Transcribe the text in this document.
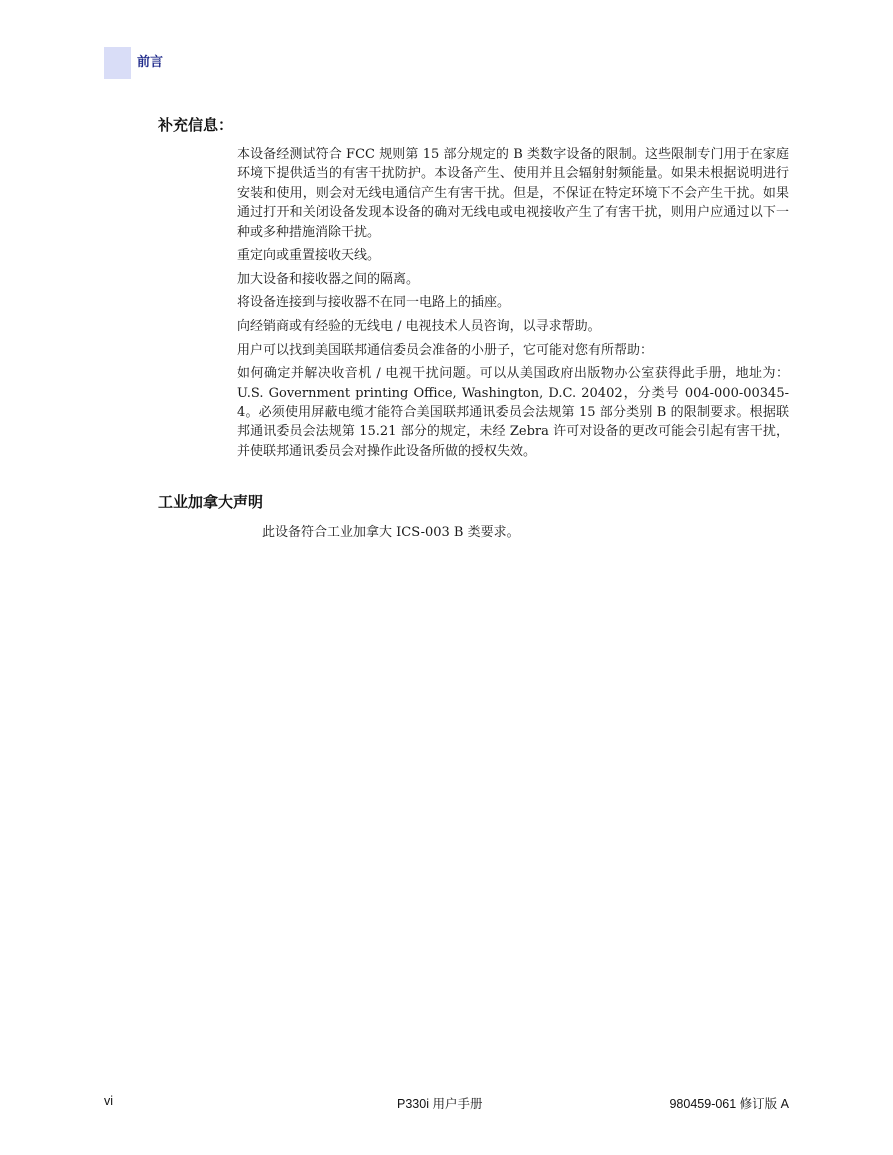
前言
补充信息：

本设备经测试符合 FCC 规则第 15 部分规定的 B 类数字设备的限制。这些限制专门用于在家庭环境下提供适当的有害干扰防护。本设备产生、使用并且会辐射射频能量。如果未根据说明进行安装和使用，则会对无线电通信产生有害干扰。但是，不保证在特定环境下不会产生干扰。如果通过打开和关闭设备发现本设备的确对无线电或电视接收产生了有害干扰，则用户应通过以下一种或多种措施消除干扰。

重定向或重置接收天线。

加大设备和接收器之间的隔离。

将设备连接到与接收器不在同一电路上的插座。

向经销商或有经验的无线电 / 电视技术人员咨询，以寻求帮助。

用户可以找到美国联邦通信委员会准备的小册子，它可能对您有所帮助：

如何确定并解决收音机 / 电视干扰问题。可以从美国政府出版物办公室获得此手册，地址为：U.S. Government printing Office, Washington, D.C. 20402，分类号 004-000-00345-4。必须使用屏蔽电缆才能符合美国联邦通讯委员会法规第 15 部分类别 B 的限制要求。根据联邦通讯委员会法规第 15.21 部分的规定，未经 Zebra 许可对设备的更改可能会引起有害干扰，并使联邦通讯委员会对操作此设备所做的授权失效。

工业加拿大声明
此设备符合工业加拿大 ICS-003 B 类要求。
vi	P330i 用户手册	980459-061 修订版 A
